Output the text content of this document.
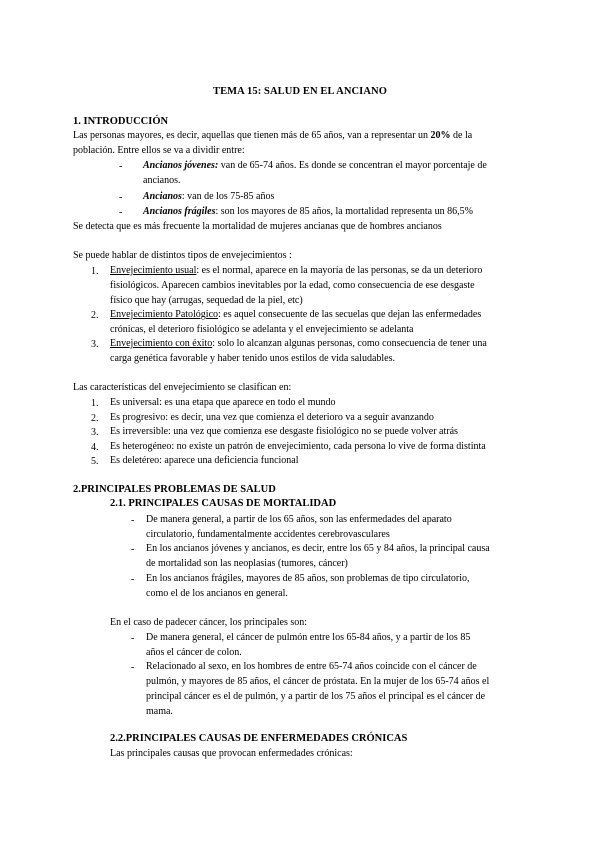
TEMA 15: SALUD EN EL ANCIANO
1. INTRODUCCIÓN
Las personas mayores, es decir, aquellas que tienen más de 65 años, van a representar un 20% de la
población. Entre ellos se va a dividir entre:
- Ancianos jóvenes: van de 65-74 años. Es donde se concentran el mayor porcentaje de
ancianos.
- Ancianos: van de los 75-85 años
- Ancianos frágiles: son los mayores de 85 años, la mortalidad representa un 86,5%
Se detecta que es más frecuente la mortalidad de mujeres ancianas que de hombres ancianos
Se puede hablar de distintos tipos de envejecimientos :
1. Envejecimiento usual: es el normal, aparece en la mayoría de las personas, se da un deterioro
fisiológicos. Aparecen cambios inevitables por la edad, como consecuencia de ese desgaste
físico que hay (arrugas, sequedad de la piel, etc)
2. Envejecimiento Patológico: es aquel consecuente de las secuelas que dejan las enfermedades
crónicas, el deterioro fisiológico se adelanta y el envejecimiento se adelanta
3. Envejecimiento con éxito: solo lo alcanzan algunas personas, como consecuencia de tener una
carga genética favorable y haber tenido unos estilos de vida saludables.
Las características del envejecimiento se clasifican en:
1. Es universal: es una etapa que aparece en todo el mundo
2. Es progresivo: es decir, una vez que comienza el deterioro va a seguir avanzando
3. Es irreversible: una vez que comienza ese desgaste fisiológico no se puede volver atrás
4. Es heterogéneo: no existe un patrón de envejecimiento, cada persona lo vive de forma distinta
5. Es deletéreo: aparece una deficiencia funcional
2.PRINCIPALES PROBLEMAS DE SALUD
2.1. PRINCIPALES CAUSAS DE MORTALIDAD
- De manera general, a partir de los 65 años, son las enfermedades del aparato
circulatorio, fundamentalmente accidentes cerebrovasculares
- En los ancianos jóvenes y ancianos, es decir, entre los 65 y 84 años, la principal causa
de mortalidad son las neoplasias (tumores, cáncer)
- En los ancianos frágiles, mayores de 85 años, son problemas de tipo circulatorio,
como el de los ancianos en general.
En el caso de padecer cáncer, los principales son:
- De manera general, el cáncer de pulmón entre los 65-84 años, y a partir de los 85
años el cáncer de colon.
- Relacionado al sexo, en los hombres de entre 65-74 años coincide con el cáncer de
pulmón, y mayores de 85 años, el cáncer de próstata. En la mujer de los 65-74 años el
principal cáncer es el de pulmón, y a partir de los 75 años el principal es el cáncer de
mama.
2.2.PRINCIPALES CAUSAS DE ENFERMEDADES CRÓNICAS
Las principales causas que provocan enfermedades crónicas:
